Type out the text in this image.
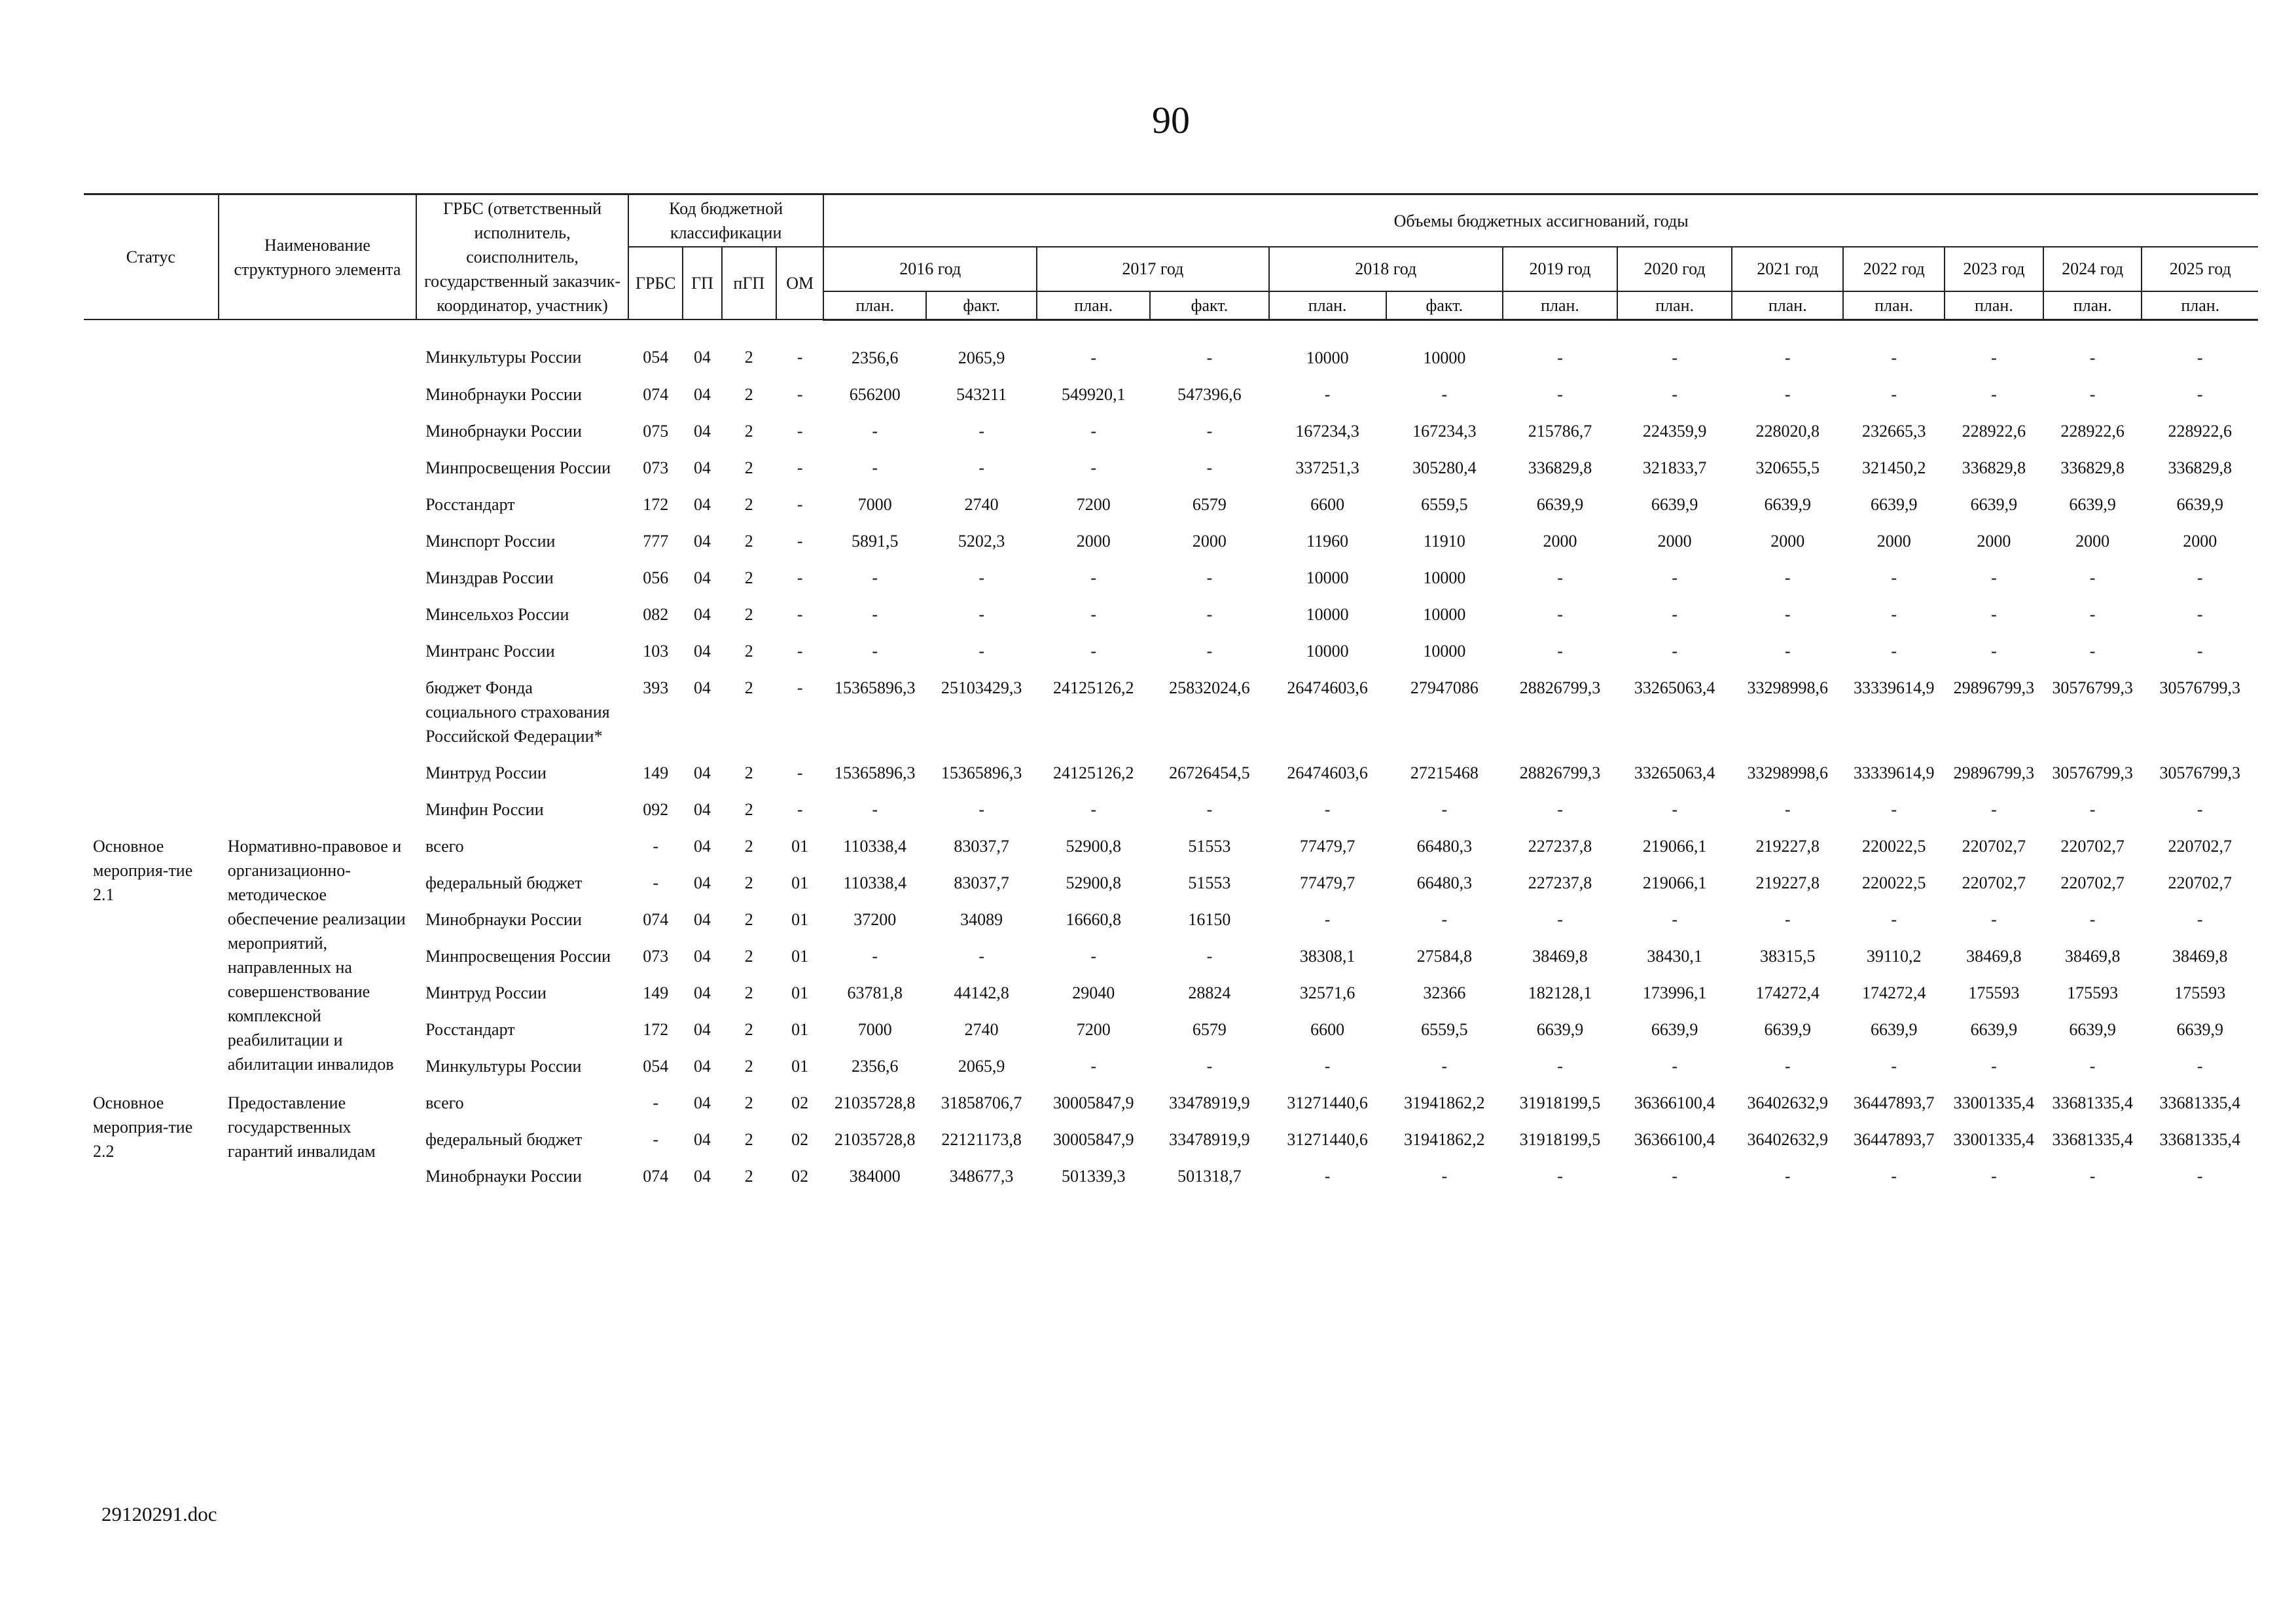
90
Статус	Наименование структурного элемента	ГРБС (ответственный исполнитель, соисполнитель, государственный заказчик-координатор, участник)	Код бюджетной классификации				Объемы бюджетных ассигнований, годы												
			ГРБС	ГП	пГП	ОМ	2016 год		2017 год		2018 год		2019 год	2020 год	2021 год	2022 год	2023 год	2024 год	2025 год
							план.	факт.	план.	факт.	план.	факт.	план.	план.	план.	план.	план.	план.	план.
		Минкультуры России	054	04	2	-	2356,6	2065,9	-	-	10000	10000	-	-	-	-	-	-	-
		Минобрнауки России	074	04	2	-	656200	543211	549920,1	547396,6	-	-	-	-	-	-	-	-	-
		Минобрнауки России	075	04	2	-	-	-	-	-	167234,3	167234,3	215786,7	224359,9	228020,8	232665,3	228922,6	228922,6	228922,6
		Минпросвещения России	073	04	2	-	-	-	-	-	337251,3	305280,4	336829,8	321833,7	320655,5	321450,2	336829,8	336829,8	336829,8
		Росстандарт	172	04	2	-	7000	2740	7200	6579	6600	6559,5	6639,9	6639,9	6639,9	6639,9	6639,9	6639,9	6639,9
		Минспорт России	777	04	2	-	5891,5	5202,3	2000	2000	11960	11910	2000	2000	2000	2000	2000	2000	2000
		Минздрав России	056	04	2	-	-	-	-	-	10000	10000	-	-	-	-	-	-	-
		Минсельхоз России	082	04	2	-	-	-	-	-	10000	10000	-	-	-	-	-	-	-
		Минтранс России	103	04	2	-	-	-	-	-	10000	10000	-	-	-	-	-	-	-
		бюджет Фонда социального страхования Российской Федерации*	393	04	2	-	15365896,3	25103429,3	24125126,2	25832024,6	26474603,6	27947086	28826799,3	33265063,4	33298998,6	33339614,9	29896799,3	30576799,3	30576799,3
		Минтруд России	149	04	2	-	15365896,3	15365896,3	24125126,2	26726454,5	26474603,6	27215468	28826799,3	33265063,4	33298998,6	33339614,9	29896799,3	30576799,3	30576799,3
		Минфин России	092	04	2	-	-	-	-	-	-	-	-	-	-	-	-	-	-
Основное мероприя-тие 2.1	Нормативно-правовое и организационно-методическое обеспечение реализации мероприятий, направленных на совершенствование комплексной реабилитации и абилитации инвалидов	всего	-	04	2	01	110338,4	83037,7	52900,8	51553	77479,7	66480,3	227237,8	219066,1	219227,8	220022,5	220702,7	220702,7	220702,7
		федеральный бюджет	-	04	2	01	110338,4	83037,7	52900,8	51553	77479,7	66480,3	227237,8	219066,1	219227,8	220022,5	220702,7	220702,7	220702,7
		Минобрнауки России	074	04	2	01	37200	34089	16660,8	16150	-	-	-	-	-	-	-	-	-
		Минпросвещения России	073	04	2	01	-	-	-	-	38308,1	27584,8	38469,8	38430,1	38315,5	39110,2	38469,8	38469,8	38469,8
		Минтруд России	149	04	2	01	63781,8	44142,8	29040	28824	32571,6	32366	182128,1	173996,1	174272,4	174272,4	175593	175593	175593
		Росстандарт	172	04	2	01	7000	2740	7200	6579	6600	6559,5	6639,9	6639,9	6639,9	6639,9	6639,9	6639,9	6639,9
		Минкультуры России	054	04	2	01	2356,6	2065,9	-	-	-	-	-	-	-	-	-	-	-
Основное мероприя-тие 2.2	Предоставление государственных гарантий инвалидам	всего	-	04	2	02	21035728,8	31858706,7	30005847,9	33478919,9	31271440,6	31941862,2	31918199,5	36366100,4	36402632,9	36447893,7	33001335,4	33681335,4	33681335,4
		федеральный бюджет	-	04	2	02	21035728,8	22121173,8	30005847,9	33478919,9	31271440,6	31941862,2	31918199,5	36366100,4	36402632,9	36447893,7	33001335,4	33681335,4	33681335,4
		Минобрнауки России	074	04	2	02	384000	348677,3	501339,3	501318,7	-	-	-	-	-	-	-	-	-
29120291.doc
